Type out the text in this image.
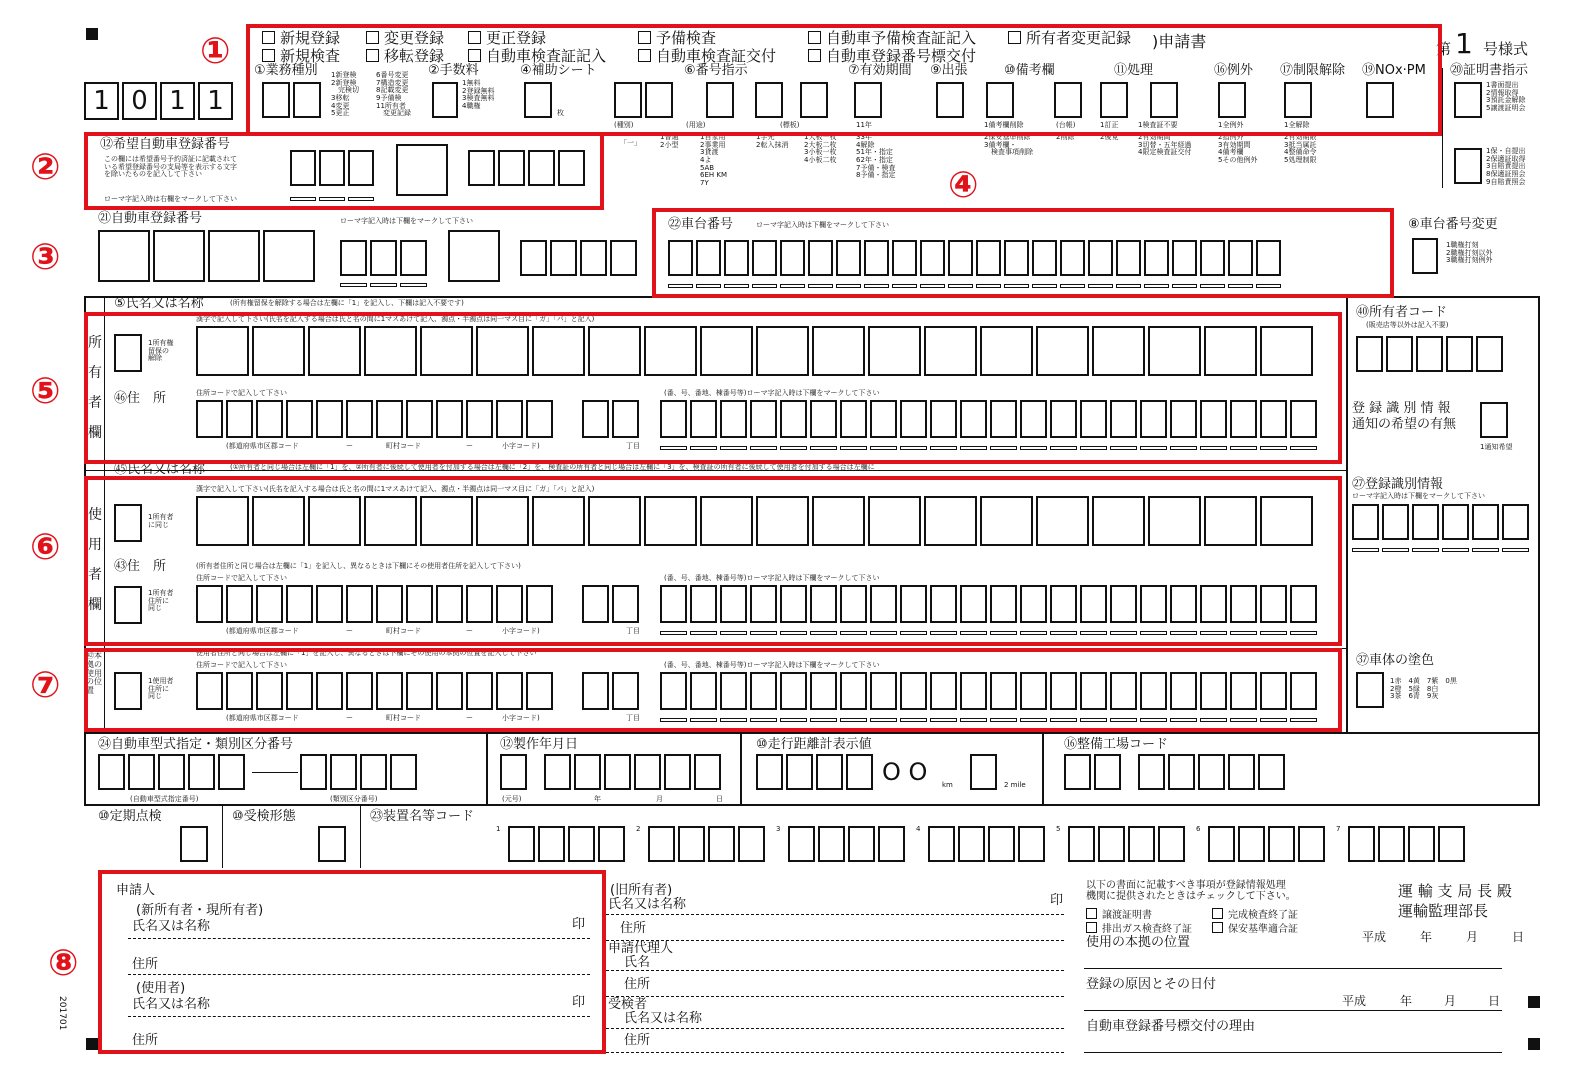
新規登録	変更登録	更正登録	予備検査	自動車予備検査証記入	所有者変更記録
新規検査	移転登録	自動車検査証記入	自動車検査証交付	自動車登録番号標交付
)申請書	第 1 号様式
1 0 1 1
①業務種別 1新登検
2新登検
　完検切
3移転
4変更
5更正
6番号変更
7構造変更
8記載変更
9予備検
11所有者
　変更記録
②手数料
1無料
2登録無料
3検査無料
4職権
④補助シート
枚
⑥番号指示
(種別)	(用途)	(標板)
⑦有効期間
11年
⑨出張	⑩備考欄
1備考欄削除	(台帳)
⑪処理
1訂正	1検査証不要
⑯例外
1全例外
⑰制限解除
1全解除
⑲NOx·PM ⑳証明書指示
1書面提出
2情報取得
3預託金解除
5譲渡証明会
1保・自提出
2保適証取得
3自賠責提出
8保適証照会
9自賠責照会
「一」
1普通
2小型
1自家用
2事業用
3貸渡
4よ
5AB
6EH KM
7Y
1字光
2転入抹消
1大板一枚
2大板二枚
3小板一枚
4小板二枚
33年
4解除
51年・指定
62年・指定
7予備・検査
8予備・指定
2保安基準削除
3備考欄・
　検査事項削除
2削除	2後見	2有効期間
3切替・五年経過
4限定検査証交付
2指例外
3有効期間
4備考欄
5その他例外
2有効期限
3抵当属託
4整備命令
5処理制限
⑫希望自動車登録番号
この欄には希望番号予約済証に記載されて
いる希望登録番号の支局等を表示する文字
を除いたものを記入して下さい
ローマ字記入時は右欄をマークして下さい
㉑自動車登録番号	ローマ字記入時は下欄をマークして下さい	㉒車台番号	ローマ字記入時は下欄をマークして下さい	⑧車台番号変更
1職権打刻
2職権打刻以外
3職権打刻例外
⑤氏名又は名称	(所有権留保を解除する場合は左欄に「1」を記入し、下欄は記入不要です)
所
有
者
欄
1所有権
留保の
解除
漢字で記入して下さい(氏名を記入する場合は氏と名の間に1マスあけて記入、濁点・半濁点は同一マス目に「ガ」「パ」と記入)
㊻住　所	住所コードで記入して下さい	(番、号、番地、棟番号等)ローマ字記入時は下欄をマークして下さい
(都道府県市区郡コード	ー	町村コード	ー	小字コード)	丁目
㊵所有者コード
(販売店等以外は記入不要)
登 録 識 別 情 報
通知の希望の有無
1通知希望
㊺氏名又は名称	(①所有者と同じ場合は左欄に「1」を、②所有者に後続して使用者を付加する場合は左欄に「2」を、検査証の所有者と同じ場合は左欄に「3」を、検査証の所有者に後続して使用者を付加する場合は左欄に
使
用
者
欄
1所有者
に同じ
漢字で記入して下さい(氏名を記入する場合は氏と名の間に1マスあけて記入、濁点・半濁点は同一マス目に「ガ」「パ」と記入)
㊸住　所	(所有者住所と同じ場合は左欄に「1」を記入し、異なるときは下欄にその使用者住所を記入して下さい)
1所有者
住所に
同じ
住所コードで記入して下さい	(番、号、番地、棟番号等)ローマ字記入時は下欄をマークして下さい
(都道府県市区郡コード	ー	町村コード	ー	小字コード)	丁目
㉗登録識別情報
ローマ字記入時は下欄をマークして下さい
㊷本拠の使用の位置
使用者住所と同じ場合は左欄に「1」を記入し、異なるときは下欄にその使用の本拠の位置を記入して下さい
1使用者
住所に
同じ
住所コードで記入して下さい	(番、号、番地、棟番号等)ローマ字記入時は下欄をマークして下さい
(都道府県市区郡コード	ー	町村コード	ー	小字コード)	丁目
㊲車体の塗色
1赤　4黄　7紫　0黒
2橙　5緑　8白
3茶　6青　9灰
㉔自動車型式指定・類別区分番号
(自動車型式指定番号)	(類別区分番号)
⑫製作年月日
(元号)	年	月	日
⑩走行距離計表示値
O O km	2 mile
⑯整備工場コード
⑩定期点検	⑩受検形態	㉓装置名等コード
1	2	3	4	5	6	7
申請人
(新所有者・現所有者)
氏名又は名称	印
住所
(使用者)
氏名又は名称	印
住所
201701
(旧所有者)
氏名又は名称	印
住所
申請代理人
氏名
住所
受検者
氏名又は名称
住所
以下の書面に記載すべき事項が登録情報処理
機関に提供されたときはチェックして下さい。
譲渡証明書	完成検査終了証
排出ガス検査終了証	保安基準適合証
使用の本拠の位置
登録の原因とその日付
自動車登録番号標交付の理由
運 輸 支 局 長 殿
運輸監理部長
平成	年	月	日
平成	年	月	日
①
②
③
④
⑤
⑥
⑦
⑧
